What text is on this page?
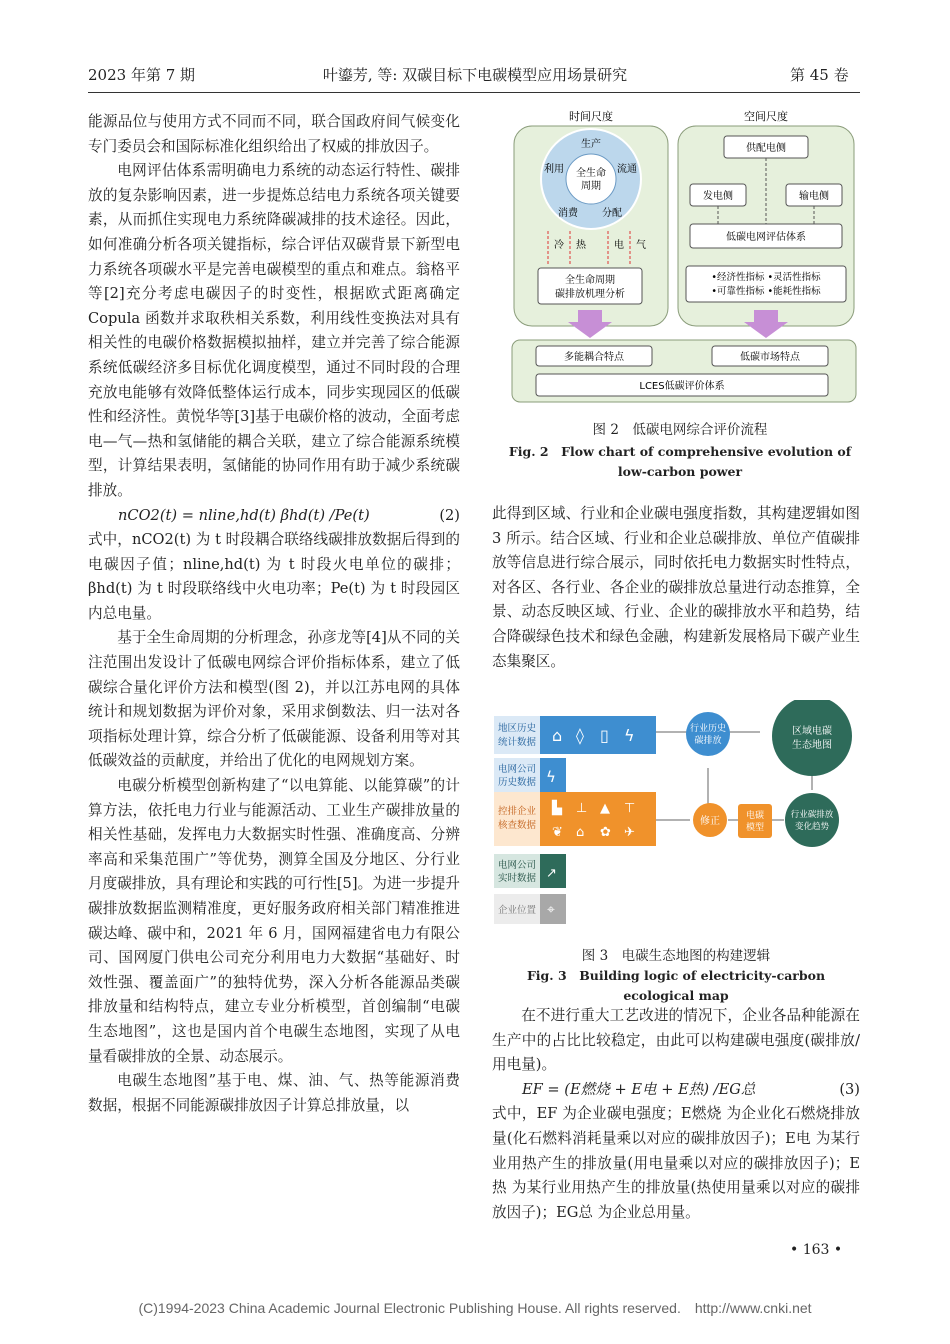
2023 年第 7 期	叶鎏芳, 等: 双碳目标下电碳模型应用场景研究	第 45 卷

能源品位与使用方式不同而不同，联合国政府间气候变化专门委员会和国际标准化组织给出了权威的排放因子。

电网评估体系需明确电力系统的动态运行特性、碳排放的复杂影响因素，进一步提炼总结电力系统各项关键要素，从而抓住实现电力系统降碳减排的技术途径。因此，如何准确分析各项关键指标，综合评估双碳背景下新型电力系统各项碳水平是完善电碳模型的重点和难点。翁格平等[2]充分考虑电碳因子的时变性，根据欧式距离确定 Copula 函数并求取秩相关系数，利用线性变换法对具有相关性的电碳价格数据模拟抽样，建立并完善了综合能源系统低碳经济多目标优化调度模型，通过不同时段的合理充放电能够有效降低整体运行成本，同步实现园区的低碳性和经济性。黄悦华等[3]基于电碳价格的波动，全面考虑电—气—热和氢储能的耦合关联，建立了综合能源系统模型，计算结果表明，氢储能的协同作用有助于减少系统碳排放。

nCO2(t) = nline,hd(t) βhd(t) /Pe(t)	(2)

式中，nCO2(t) 为 t 时段耦合联络线碳排放数据后得到的电碳因子值；nline,hd(t) 为 t 时段火电单位的碳排；βhd(t) 为 t 时段联络线中火电功率；Pe(t) 为 t 时段园区内总电量。

基于全生命周期的分析理念，孙彦龙等[4]从不同的关注范围出发设计了低碳电网综合评价指标体系，建立了低碳综合量化评价方法和模型(图 2)，并以江苏电网的具体统计和规划数据为评价对象，采用求倒数法、归一法对各项指标处理计算，综合分析了低碳能源、设备利用等对其低碳效益的贡献度，并给出了优化的电网规划方案。

电碳分析模型创新构建了“以电算能、以能算碳”的计算方法，依托电力行业与能源活动、工业生产碳排放量的相关性基础，发挥电力大数据实时性强、准确度高、分辨率高和采集范围广”等优势，测算全国及分地区、分行业月度碳排放，具有理论和实践的可行性[5]。为进一步提升碳排放数据监测精准度，更好服务政府相关部门精准推进碳达峰、碳中和，2021 年 6 月，国网福建省电力有限公司、国网厦门供电公司充分利用电力大数据“基础好、时效性强、覆盖面广”的独特优势，深入分析各能源品类碳排放量和结构特点，建立专业分析模型，首创编制“电碳生态地图”，这也是国内首个电碳生态地图，实现了从电量看碳排放的全景、动态展示。

电碳生态地图”基于电、煤、油、气、热等能源消费数据，根据不同能源碳排放因子计算总排放量，以

时间尺度
全生命
周期
生产
流通
分配
消费
利用
冷 热	电 气
全生命周期
碳排放机理分析
空间尺度
供配电侧
发电侧	输电侧
低碳电网评估体系
•经济性指标 •灵活性指标
•可靠性指标 •能耗性指标
多能耦合特点	低碳市场特点
LCES低碳评价体系
图 2　低碳电网综合评价流程
Fig. 2　Flow chart of comprehensive evolution of
low-carbon power

此得到区域、行业和企业碳电强度指数，其构建逻辑如图 3 所示。结合区域、行业和企业总碳排放、单位产值碳排放等信息进行综合展示，同时依托电力数据实时性特点，对各区、各行业、各企业的碳排放总量进行动态推算，全景、动态反映区域、行业、企业的碳排放水平和趋势，结合降碳绿色技术和绿色金融，构建新发展格局下碳产业生态集聚区。

地区历史
统计数据 ⌂ ◊ ▯ ϟ
电网公司
历史数据 ϟ
控排企业
核查数据
▙ ⊥ ▲ ⊤
❦ ⌂ ✿ ✈
电网公司
实时数据 ↗
企业位置 ⌖
行业历史
碳排放
修正	电碳
模型
行业碳排放
变化趋势
区域电碳
生态地图
图 3　电碳生态地图的构建逻辑
Fig. 3　Building logic of electricity-carbon ecological map

在不进行重大工艺改进的情况下，企业各品种能源在生产中的占比比较稳定，由此可以构建碳电强度(碳排放/用电量)。

EF = (E燃烧 + E电 + E热) /EG总	(3)

式中，EF 为企业碳电强度；E燃烧 为企业化石燃烧排放量(化石燃料消耗量乘以对应的碳排放因子)；E电 为某行业用热产生的排放量(用电量乘以对应的碳排放因子)；E热 为某行业用热产生的排放量(热使用量乘以对应的碳排放因子)；EG总 为企业总用量。

• 163 •
(C)1994-2023 China Academic Journal Electronic Publishing House. All rights reserved.　http://www.cnki.net
